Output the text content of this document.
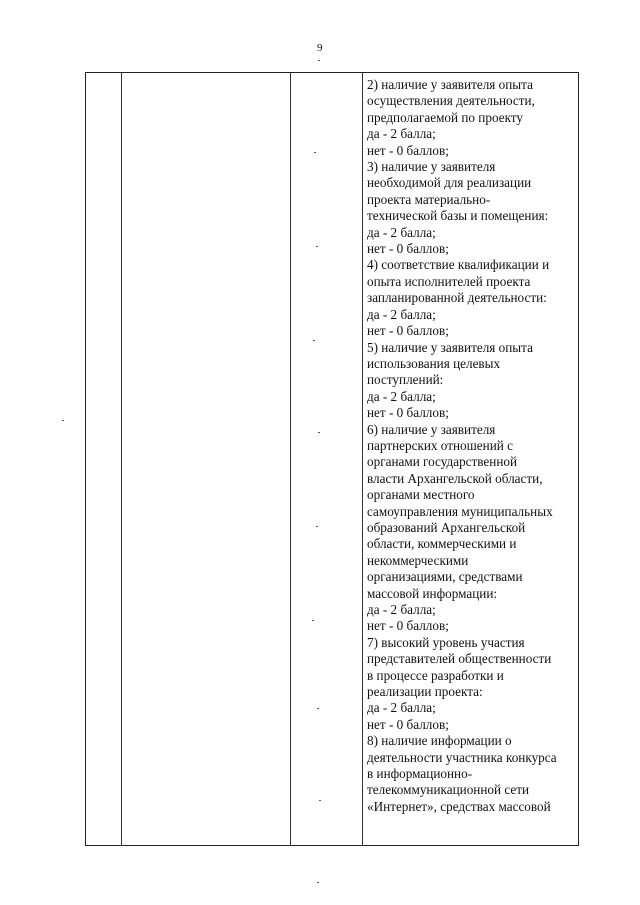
9
2) наличие у заявителя опыта
осуществления деятельности,
предполагаемой по проекту
да - 2 балла;
нет - 0 баллов;
3) наличие у заявителя
необходимой для реализации
проекта материально-
технической базы и помещения:
да - 2 балла;
нет - 0 баллов;
4) соответствие квалификации и
опыта исполнителей проекта
запланированной деятельности:
да - 2 балла;
нет - 0 баллов;
5) наличие у заявителя опыта
использования целевых
поступлений:
да - 2 балла;
нет - 0 баллов;
6) наличие у заявителя
партнерских отношений с
органами государственной
власти Архангельской области,
органами местного
самоуправления муниципальных
образований Архангельской
области, коммерческими и
некоммерческими
организациями, средствами
массовой информации:
да - 2 балла;
нет - 0 баллов;
7) высокий уровень участия
представителей общественности
в процессе разработки и
реализации проекта:
да - 2 балла;
нет - 0 баллов;
8) наличие информации о
деятельности участника конкурса
в информационно-
телекоммуникационной сети
«Интернет», средствах массовой
